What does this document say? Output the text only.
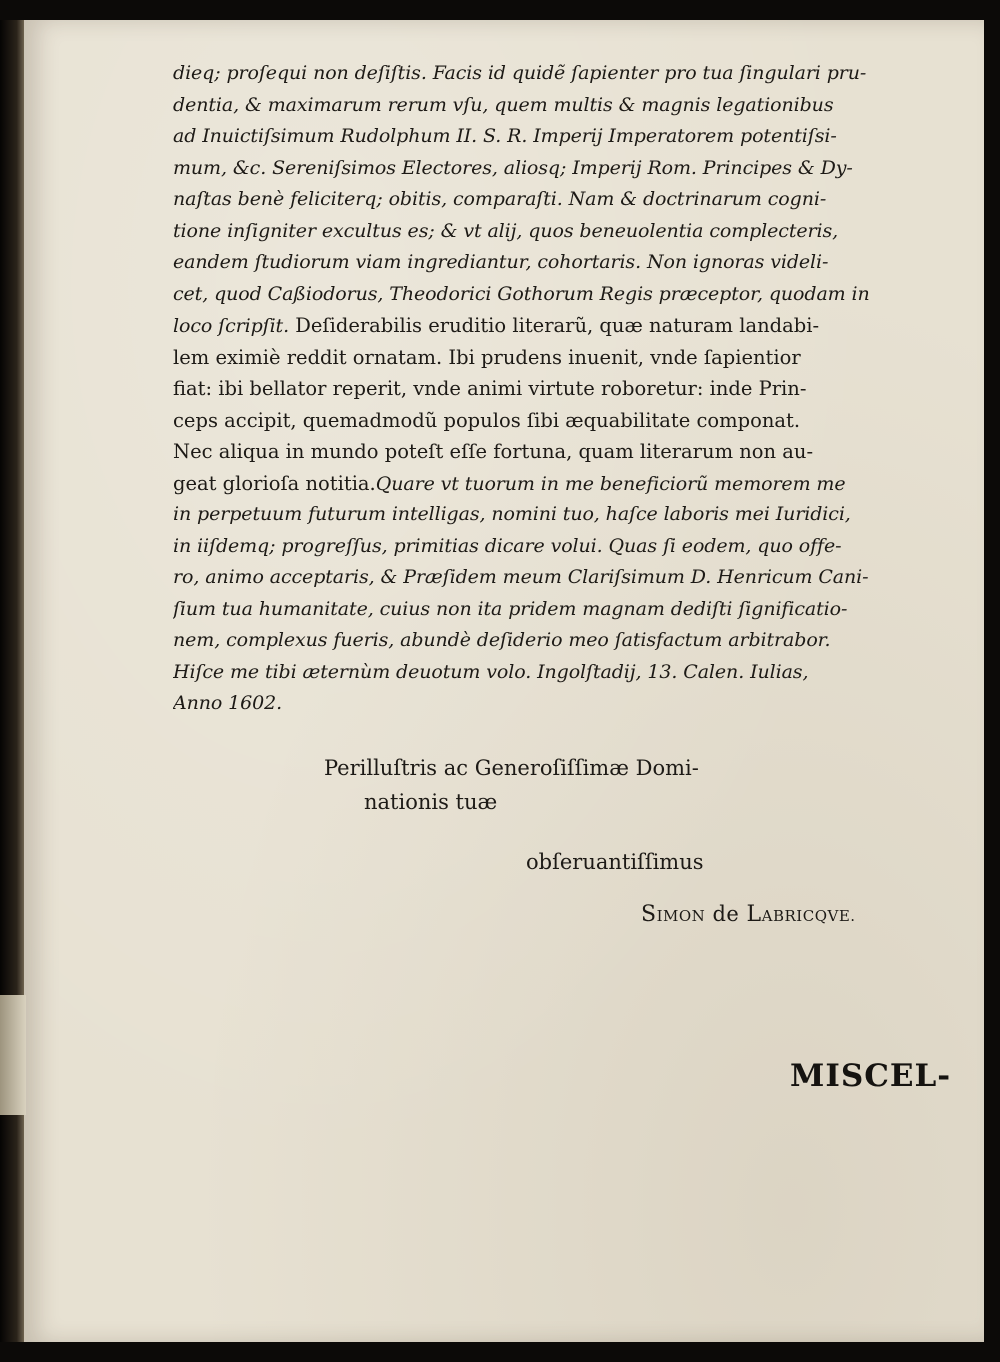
dieq; proſequi non deſiſtis. Facis id quidẽ ſapienter pro tua ſingulari pru-
dentia, & maximarum rerum vſu, quem multis & magnis legationibus
ad Inuictiſsimum Rudolphum II. S. R. Imperij Imperatorem potentiſsi-
mum, &c. Sereniſsimos Electores, aliosq; Imperij Rom. Principes & Dy-
naſtas benè feliciterq; obitis, comparaſti. Nam & doctrinarum cogni-
tione inſigniter excultus es; & vt alij, quos beneuolentia complecteris,
eandem ſtudiorum viam ingrediantur, cohortaris. Non ignoras videli-
cet, quod Caßiodorus, Theodorici Gothorum Regis præceptor, quodam in
loco ſcripſit. Deſiderabilis eruditio literarũ, quæ naturam landabi-
lem eximiè reddit ornatam. Ibi prudens inuenit, vnde ſapientior
fiat: ibi bellator reperit, vnde animi virtute roboretur: inde Prin-
ceps accipit, quemadmodũ populos ſibi æquabilitate componat.
Nec aliqua in mundo poteſt eſſe fortuna, quam literarum non au-
geat glorioſa notitia.Quare vt tuorum in me beneficiorũ memorem me
in perpetuum futurum intelligas, nomini tuo, haſce laboris mei Iuridici,
in iiſdemq; progreſſus, primitias dicare volui. Quas ſi eodem, quo offe-
ro, animo acceptaris, & Præſidem meum Clariſsimum D. Henricum Cani-
ſium tua humanitate, cuius non ita pridem magnam dediſti ſignificatio-
nem, complexus fueris, abundè deſiderio meo ſatisfactum arbitrabor.
Hiſce me tibi æternùm deuotum volo. Ingolſtadij, 13. Calen. Iulias,
Anno 1602.
Perilluſtris ac Generoſiſſimæ Domi-
nationis tuæ
obſeruantiſſimus
SIMON de LABRICQVE.
MISCEL-
